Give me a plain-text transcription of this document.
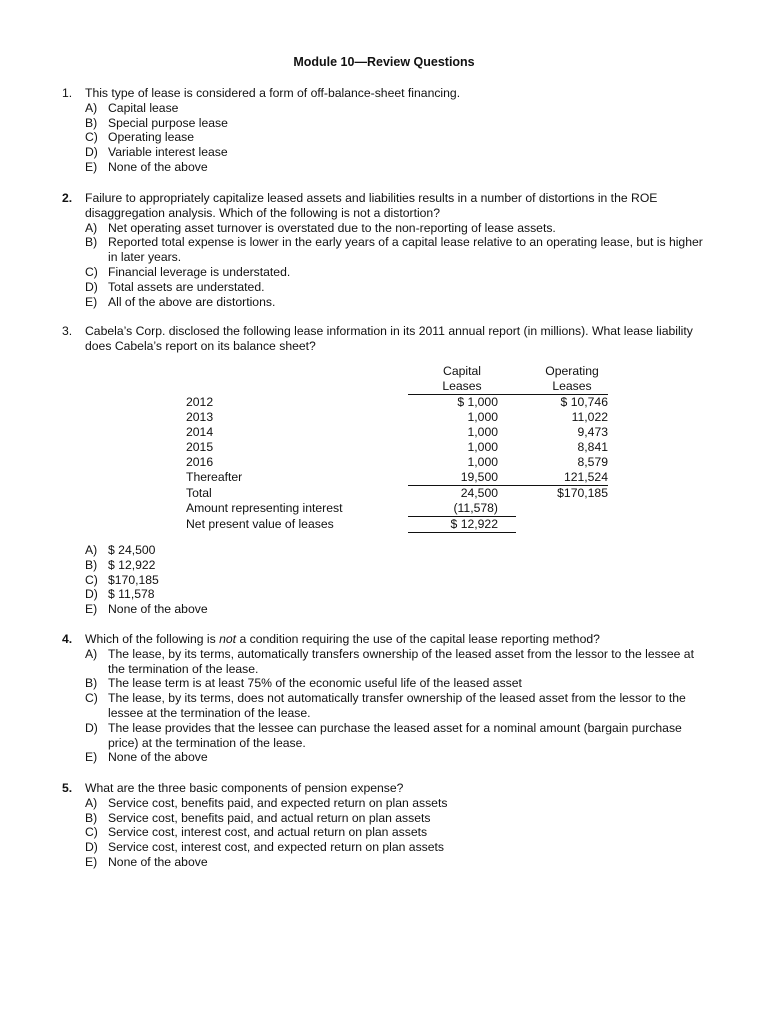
Module 10—Review Questions
1. This type of lease is considered a form of off-balance-sheet financing.
A) Capital lease
B) Special purpose lease
C) Operating lease
D) Variable interest lease
E) None of the above
2. Failure to appropriately capitalize leased assets and liabilities results in a number of distortions in the ROE disaggregation analysis. Which of the following is not a distortion?
A) Net operating asset turnover is overstated due to the non-reporting of lease assets.
B) Reported total expense is lower in the early years of a capital lease relative to an operating lease, but is higher in later years.
C) Financial leverage is understated.
D) Total assets are understated.
E) All of the above are distortions.
3. Cabela’s Corp. disclosed the following lease information in its 2011 annual report (in millions). What lease liability does Cabela’s report on its balance sheet?
	Capital		Operating
	Leases		Leases
2012	$ 1,000		$ 10,746
2013	1,000		11,022
2014	1,000		9,473
2015	1,000		8,841
2016	1,000		8,579
Thereafter	19,500		121,524
Total	24,500		$170,185
Amount representing interest	(11,578)		
Net present value of leases	$ 12,922		
A) $ 24,500
B) $ 12,922
C) $170,185
D) $ 11,578
E) None of the above
4. Which of the following is not a condition requiring the use of the capital lease reporting method?
A) The lease, by its terms, automatically transfers ownership of the leased asset from the lessor to the lessee at the termination of the lease.
B) The lease term is at least 75% of the economic useful life of the leased asset
C) The lease, by its terms, does not automatically transfer ownership of the leased asset from the lessor to the lessee at the termination of the lease.
D) The lease provides that the lessee can purchase the leased asset for a nominal amount (bargain purchase price) at the termination of the lease.
E) None of the above
5. What are the three basic components of pension expense?
A) Service cost, benefits paid, and expected return on plan assets
B) Service cost, benefits paid, and actual return on plan assets
C) Service cost, interest cost, and actual return on plan assets
D) Service cost, interest cost, and expected return on plan assets
E) None of the above
